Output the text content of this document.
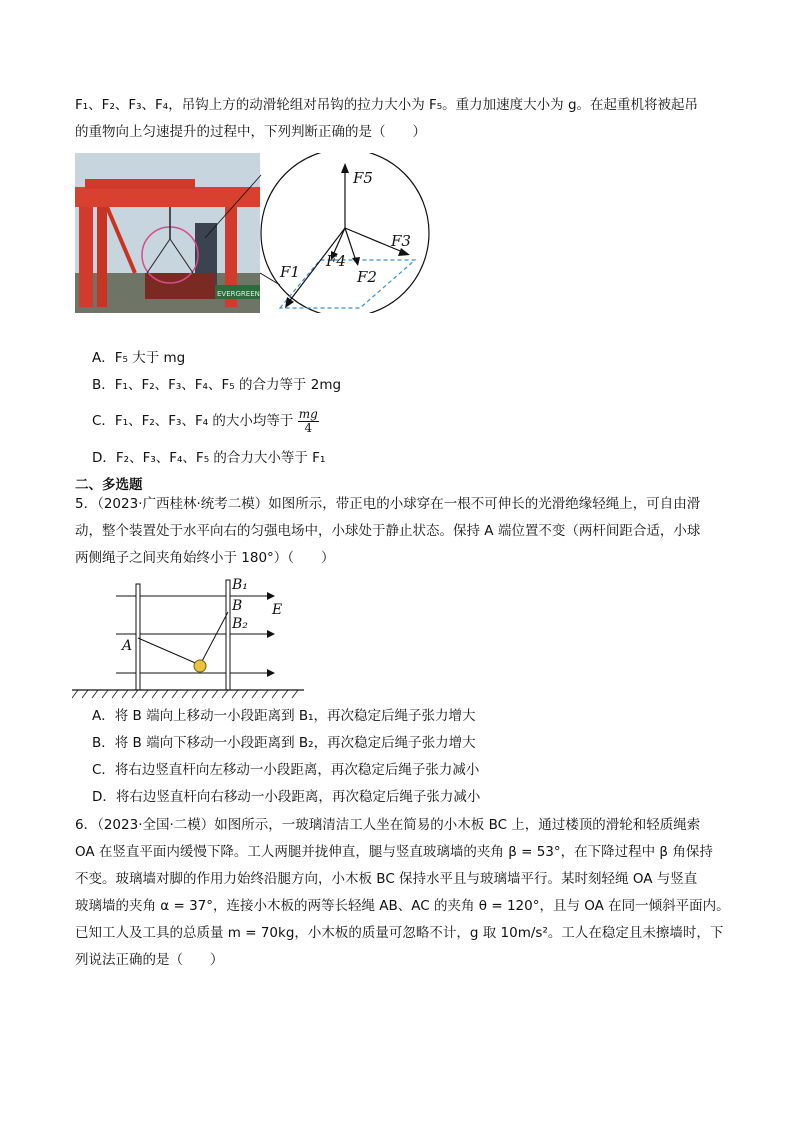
F₁、F₂、F₃、F₄，吊钩上方的动滑轮组对吊钩的拉力大小为 F₅。重力加速度大小为 g。在起重机将被起吊
的重物向上匀速提升的过程中，下列判断正确的是（　　）
EVERGREEN
F5
F3
F1
F4
F2
A．F₅ 大于 mg
B．F₁、F₂、F₃、F₄、F₅ 的合力等于 2mg
C．F₁、F₂、F₃、F₄ 的大小均等于 $\frac{mg}{4}$
D．F₂、F₃、F₄、F₅ 的合力大小等于 F₁
二、多选题
5．（2023·广西桂林·统考二模）如图所示，带正电的小球穿在一根不可伸长的光滑绝缘轻绳上，可自由滑
动，整个装置处于水平向右的匀强电场中，小球处于静止状态。保持 A 端位置不变（两杆间距合适，小球
两侧绳子之间夹角始终小于 180°）（　　）
B₁
B
B₂
E
A
A．将 B 端向上移动一小段距离到 B₁，再次稳定后绳子张力增大
B．将 B 端向下移动一小段距离到 B₂，再次稳定后绳子张力增大
C．将右边竖直杆向左移动一小段距离，再次稳定后绳子张力减小
D．将右边竖直杆向右移动一小段距离，再次稳定后绳子张力减小
6．（2023·全国·二模）如图所示，一玻璃清洁工人坐在简易的小木板 BC 上，通过楼顶的滑轮和轻质绳索
OA 在竖直平面内缓慢下降。工人两腿并拢伸直，腿与竖直玻璃墙的夹角 β = 53°，在下降过程中 β 角保持
不变。玻璃墙对脚的作用力始终沿腿方向，小木板 BC 保持水平且与玻璃墙平行。某时刻轻绳 OA 与竖直
玻璃墙的夹角 α = 37°，连接小木板的两等长轻绳 AB、AC 的夹角 θ = 120°，且与 OA 在同一倾斜平面内。
已知工人及工具的总质量 m = 70kg，小木板的质量可忽略不计，g 取 10m/s²。工人在稳定且未擦墙时，下
列说法正确的是（　　）
